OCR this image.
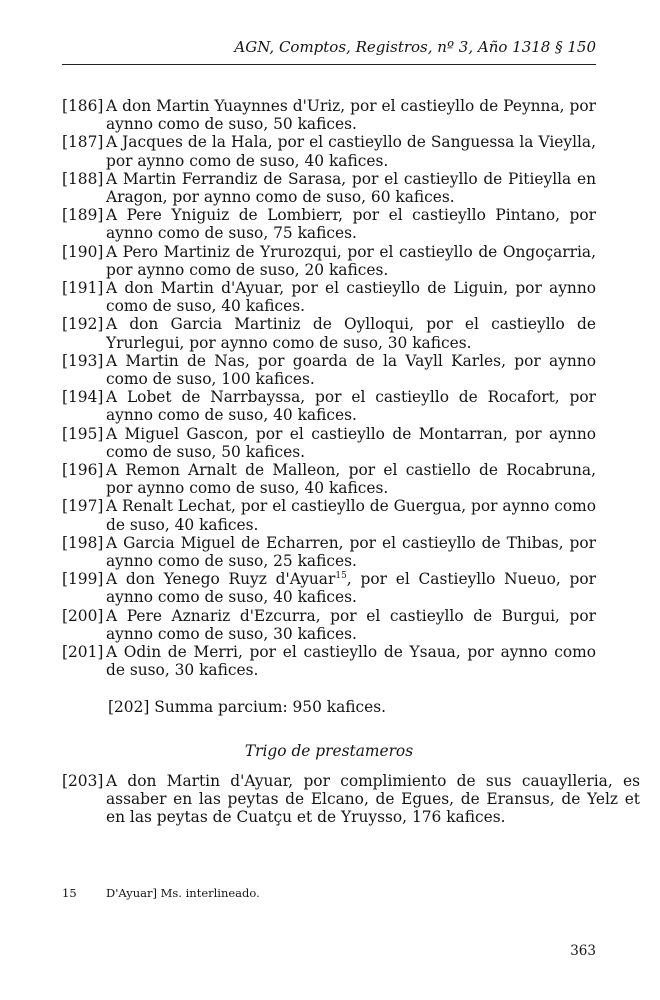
AGN, Comptos, Registros, nº 3, Año 1318 § 150

[186] A don Martin Yuaynnes d'Uriz, por el castieyllo de Peynna, por aynno como de suso, 50 kafices.

[187] A Jacques de la Hala, por el castieyllo de Sanguessa la Vieylla, por aynno como de suso, 40 kafices.

[188] A Martin Ferrandiz de Sarasa, por el castieyllo de Pitieylla en Aragon, por aynno como de suso, 60 kafices.

[189] A Pere Yniguiz de Lombierr, por el castieyllo Pintano, por aynno como de suso, 75 kafices.

[190] A Pero Martiniz de Yrurozqui, por el castieyllo de Ongoçarria, por aynno como de suso, 20 kafices.

[191] A don Martin d'Ayuar, por el castieyllo de Liguin, por aynno como de suso, 40 kafices.

[192] A don Garcia Martiniz de Oylloqui, por el castieyllo de Yrurlegui, por aynno como de suso, 30 kafices.

[193] A Martin de Nas, por goarda de la Vayll Karles, por aynno como de suso, 100 kafices.

[194] A Lobet de Narrbayssa, por el castieyllo de Rocafort, por aynno como de suso, 40 kafices.

[195] A Miguel Gascon, por el castieyllo de Montarran, por aynno como de suso, 50 kafices.

[196] A Remon Arnalt de Malleon, por el castiello de Rocabruna, por aynno como de suso, 40 kafices.

[197] A Renalt Lechat, por el castieyllo de Guergua, por aynno como de suso, 40 kafices.

[198] A Garcia Miguel de Echarren, por el castieyllo de Thibas, por aynno como de suso, 25 kafices.

[199] A don Yenego Ruyz d'Ayuar$^{15}$, por el Castieyllo Nueuo, por aynno como de suso, 40 kafices.

[200] A Pere Aznariz d'Ezcurra, por el castieyllo de Burgui, por aynno como de suso, 30 kafices.

[201] A Odin de Merri, por el castieyllo de Ysaua, por aynno como de suso, 30 kafices.

[202] Summa parcium: 950 kafices.
Trigo de prestameros

[203] A don Martin d'Ayuar, por complimiento de sus cauaylleria, es assaber en las peytas de Elcano, de Egues, de Eransus, de Yelz et en las peytas de Cuatçu et de Yruysso, 176 kafices.

15	D'Ayuar] Ms. interlineado.
363
